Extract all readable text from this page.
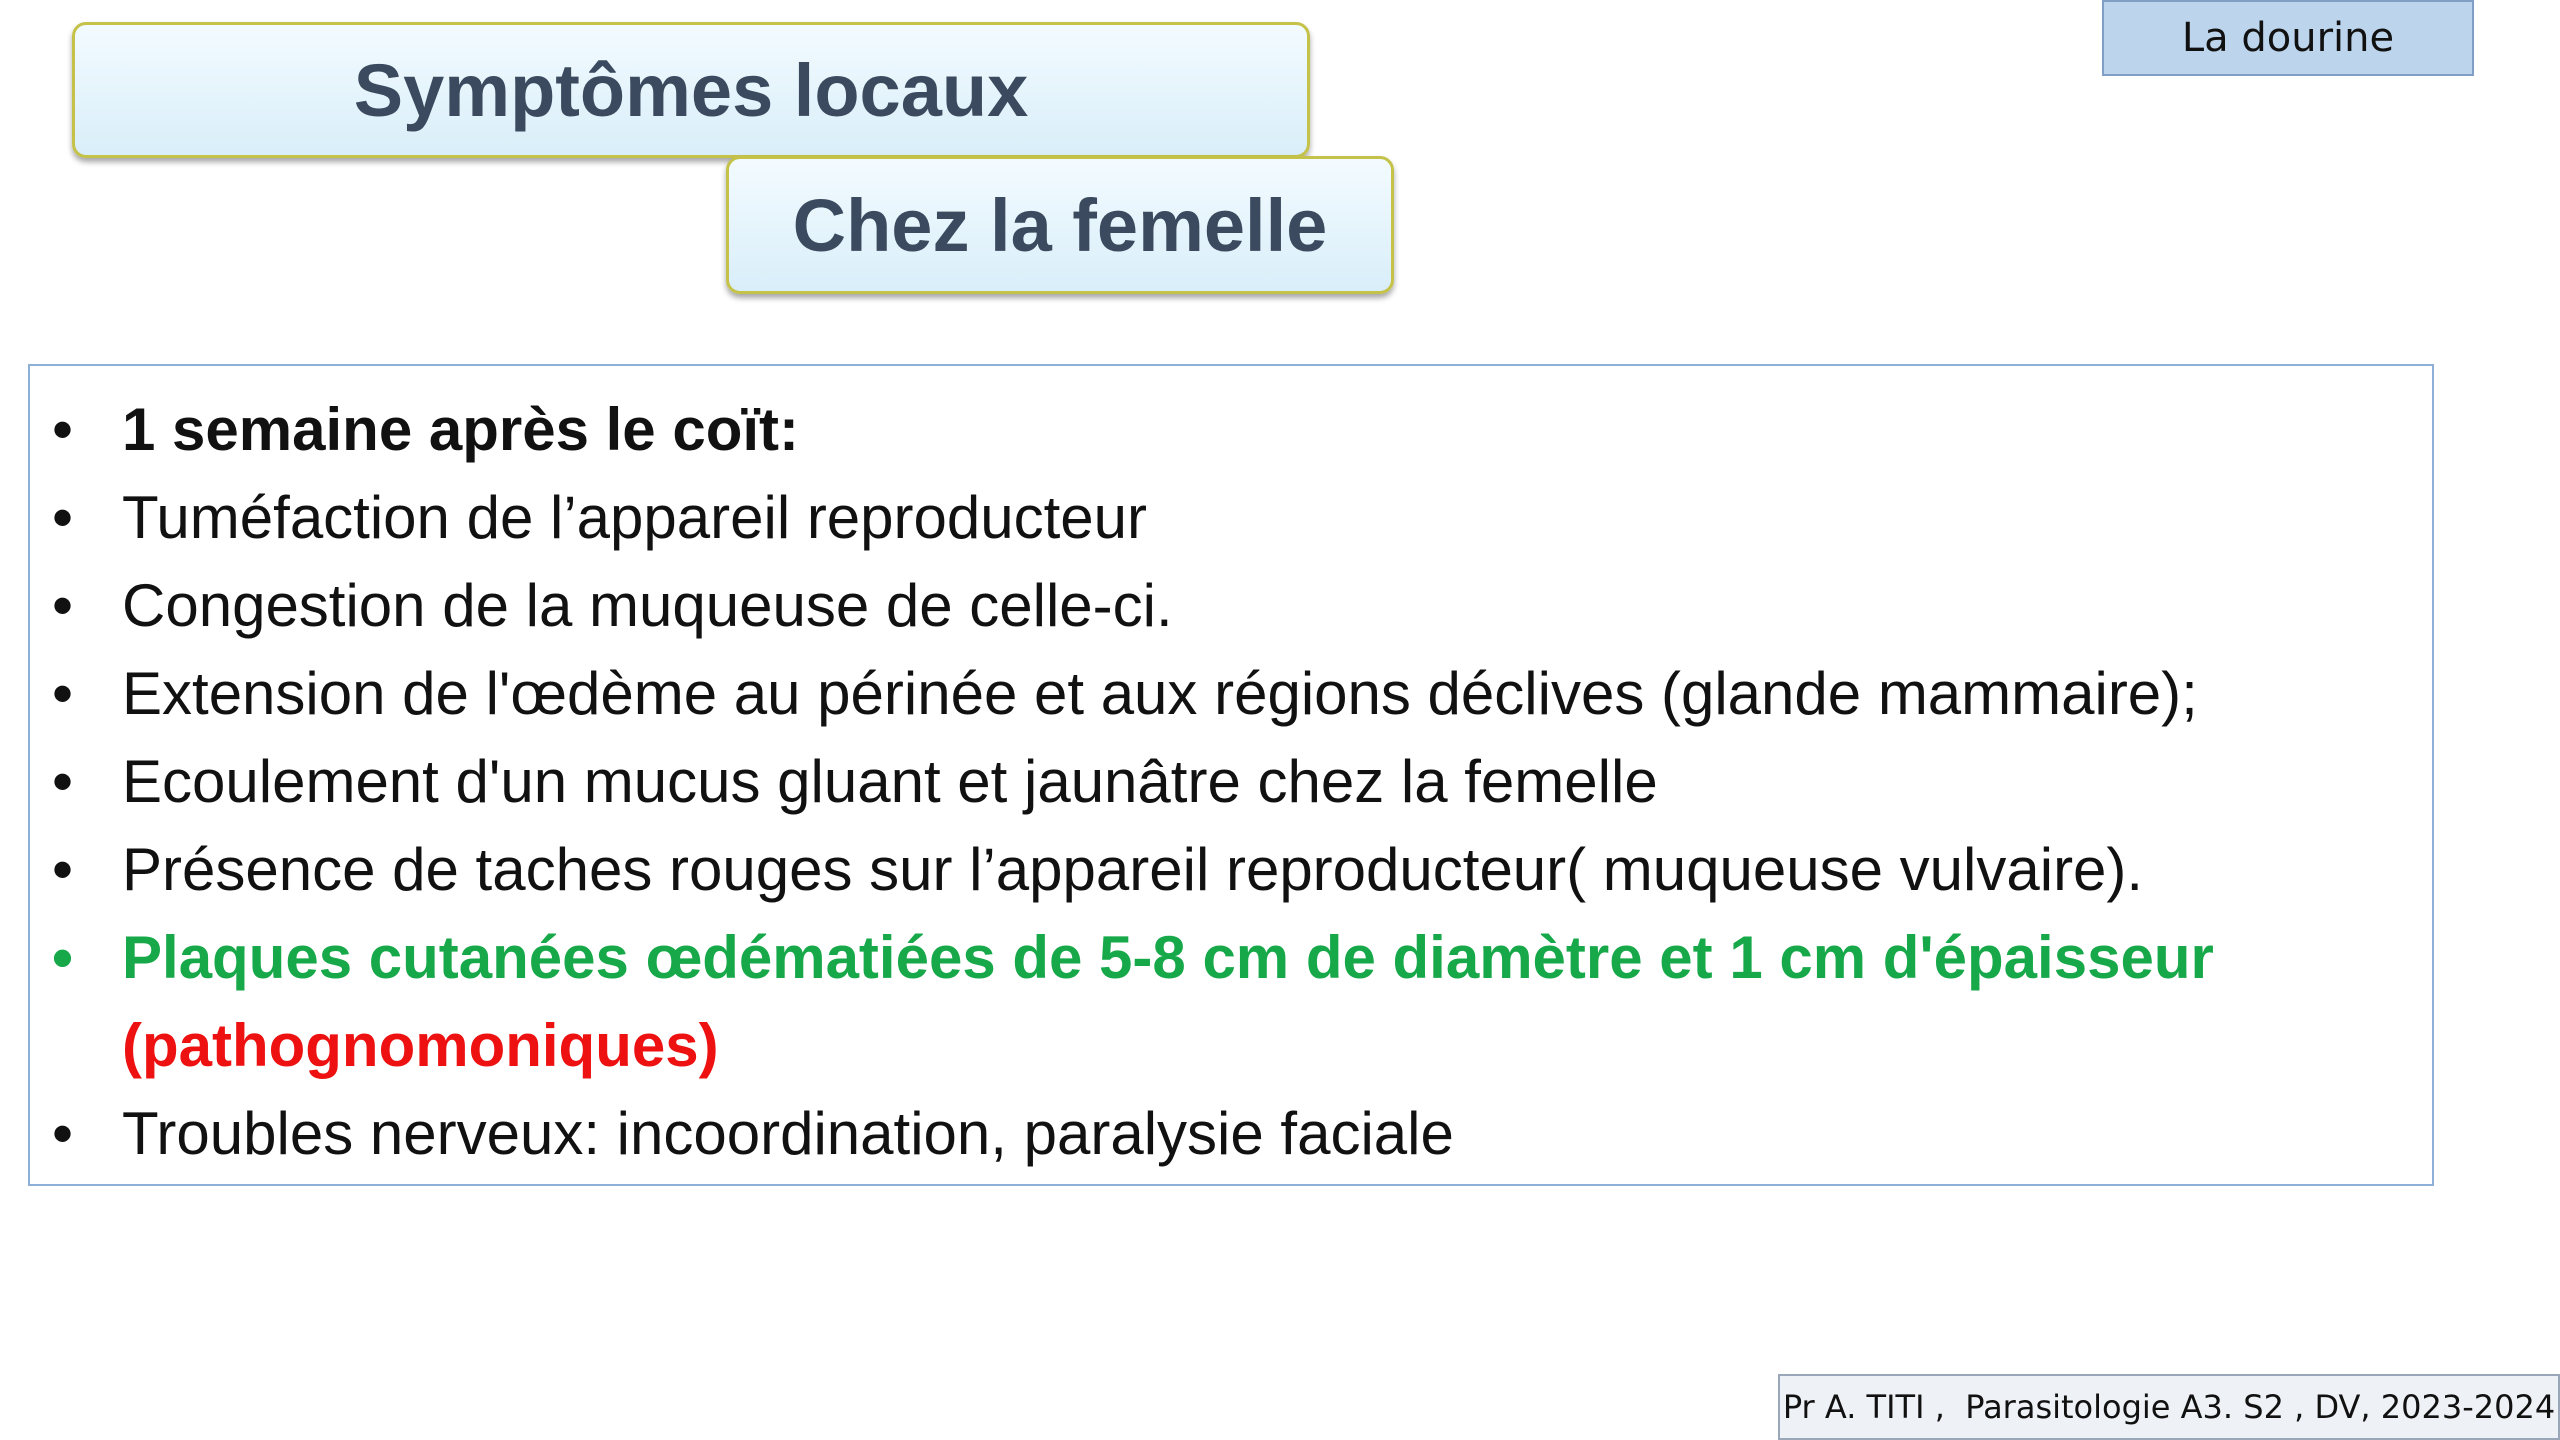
La dourine
Symptômes locaux
Chez la femelle
• 1 semaine après le coït:
• Tuméfaction de l’appareil reproducteur
• Congestion de la muqueuse de celle-ci.
• Extension de l'œdème au périnée et aux régions déclives (glande mammaire);
• Ecoulement d'un mucus gluant et jaunâtre chez la femelle
• Présence de taches rouges sur l’appareil reproducteur( muqueuse vulvaire).
• Plaques cutanées œdématiées de 5-8 cm de diamètre et 1 cm d'épaisseur
(pathognomoniques)
• Troubles nerveux: incoordination, paralysie faciale
Pr A. TITI ,  Parasitologie A3. S2 , DV, 2023-2024
